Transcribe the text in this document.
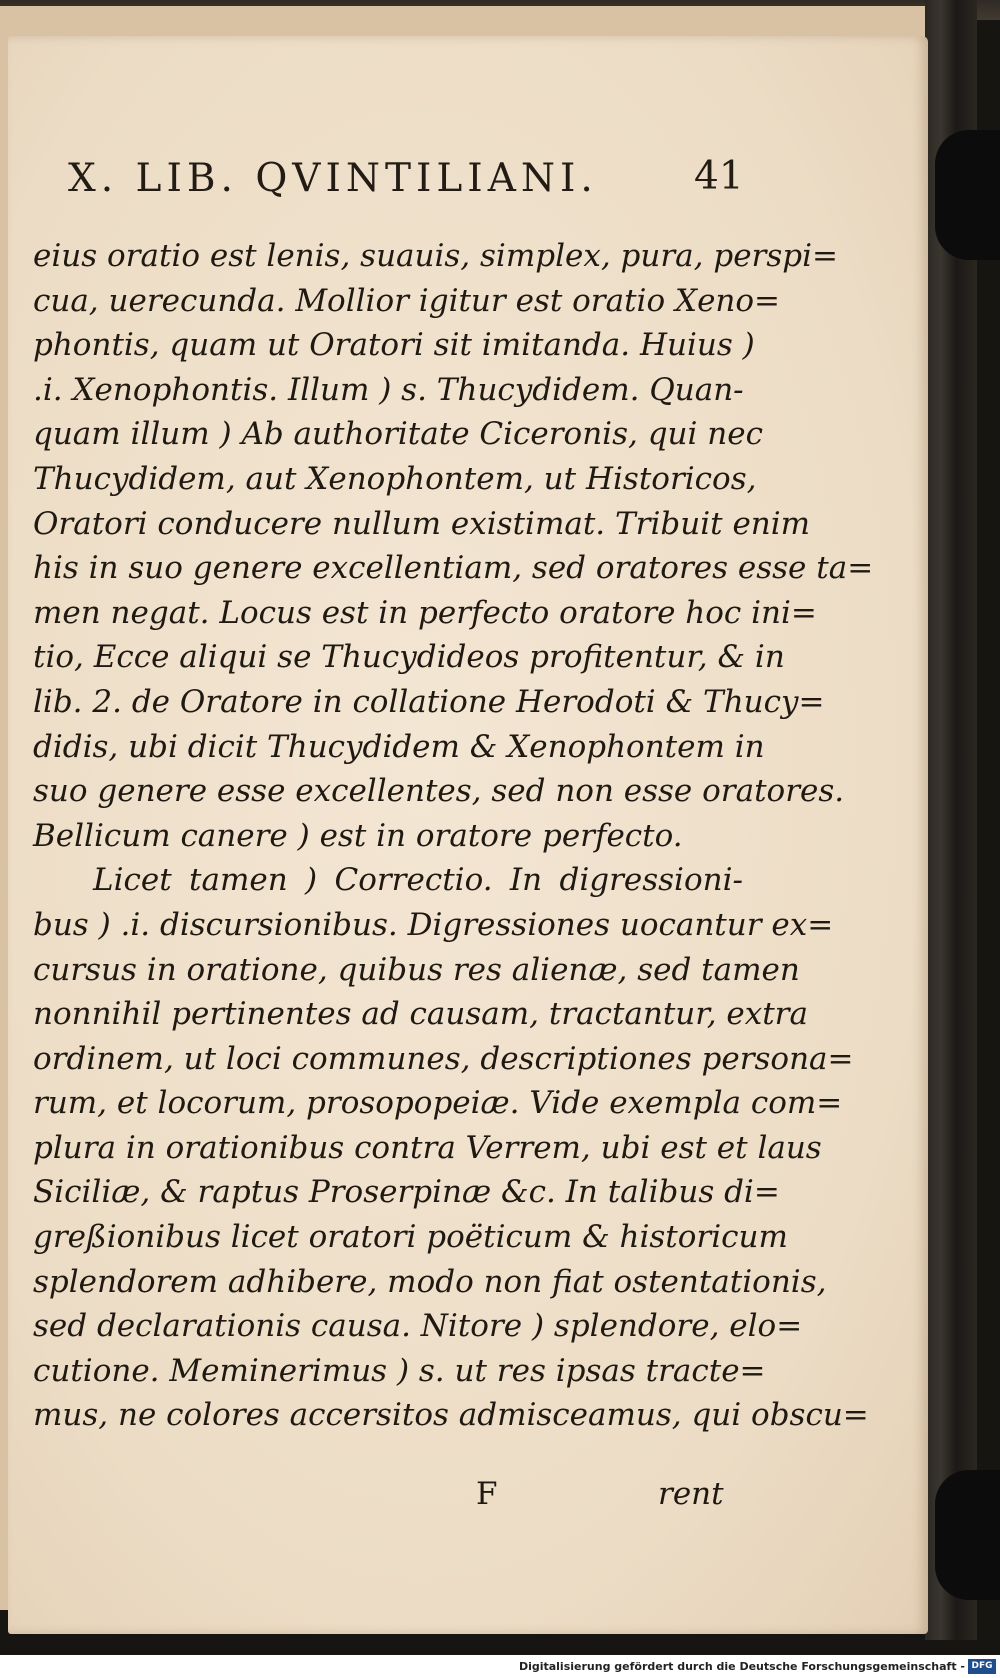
X. LIB. QVINTILIANI.	41
eius oratio est lenis, suauis, simplex, pura, perspi=
cua, uerecunda. Mollior igitur est oratio Xeno=
phontis, quam ut Oratori sit imitanda. Huius )
.i. Xenophontis. Illum ) s. Thucydidem. Quan-
quam illum ) Ab authoritate Ciceronis, qui nec
Thucydidem, aut Xenophontem, ut Historicos,
Oratori conducere nullum existimat. Tribuit enim
his in suo genere excellentiam, sed oratores esse ta=
men negat. Locus est in perfecto oratore hoc ini=
tio, Ecce aliqui se Thucydideos profitentur, & in
lib. 2. de Oratore in collatione Herodoti & Thucy=
didis, ubi dicit Thucydidem & Xenophontem in
suo genere esse excellentes, sed non esse oratores.
Bellicum canere ) est in oratore perfecto.
Licet tamen ) Correctio. In digressioni-
bus ) .i. discursionibus. Digressiones uocantur ex=
cursus in oratione, quibus res alienæ, sed tamen
nonnihil pertinentes ad causam, tractantur, extra
ordinem, ut loci communes, descriptiones persona=
rum, et locorum, prosopopeiæ. Vide exempla com=
plura in orationibus contra Verrem, ubi est et laus
Siciliæ, & raptus Proserpinæ &c. In talibus di=
greßionibus licet oratori poëticum & historicum
splendorem adhibere, modo non fiat ostentationis,
sed declarationis causa. Nitore ) splendore, elo=
cutione. Meminerimus ) s. ut res ipsas tracte=
mus, ne colores accersitos admisceamus, qui obscu=
F	rent
Digitalisierung gefördert durch die Deutsche Forschungsgemeinschaft - DFG
